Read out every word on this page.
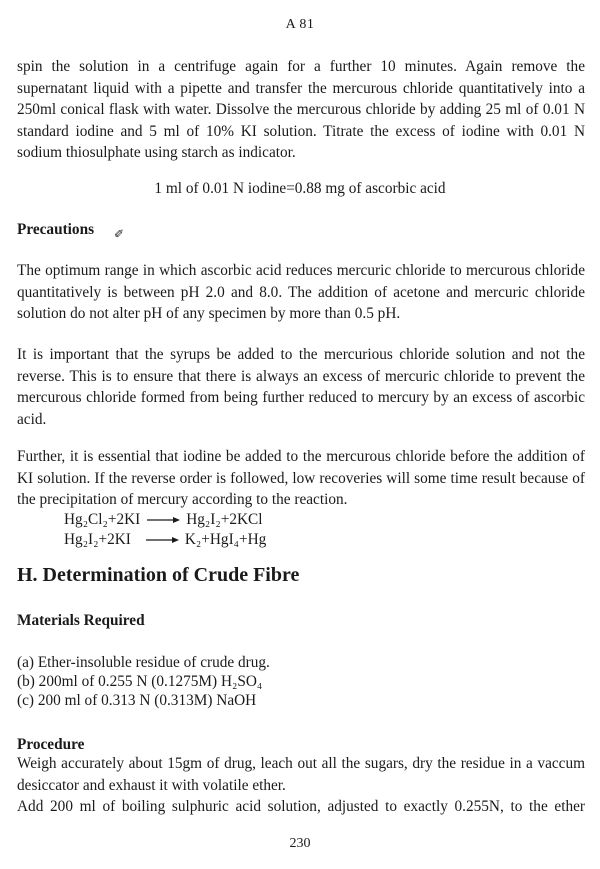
A 81

spin the solution in a centrifuge again for a further 10 minutes. Again remove the supernatant liquid with a pipette and transfer the mercurous chloride quantitatively into a 250ml conical flask with water. Dissolve the mercurous chloride by adding 25 ml of 0.01 N standard iodine and 5 ml of 10% KI solution. Titrate the excess of iodine with 0.01 N sodium thiosulphate using starch as indicator.

1 ml of 0.01 N iodine=0.88 mg of ascorbic acid
Precautions ✐

The optimum range in which ascorbic acid reduces mercuric chloride to mercurous chloride quantitatively is between pH 2.0 and 8.0. The addition of acetone and mercuric chloride solution do not alter pH of any specimen by more than 0.5 pH.

It is important that the syrups be added to the mercurious chloride solution and not the reverse. This is to ensure that there is always an excess of mercuric chloride to prevent the mercurous chloride formed from being further reduced to mercury by an excess of ascorbic acid.

Further, it is essential that iodine be added to the mercurous chloride before the addition of KI solution. If the reverse order is followed, low recoveries will some time result because of the precipitation of mercury according to the reaction.

Hg₂Cl₂+2KI	Hg₂I₂+2KCl
Hg₂I₂+2KI	K₂+HgI₄+Hg
H. Determination of Crude Fibre
Materials Required
(a) Ether-insoluble residue of crude drug.
(b) 200ml of 0.255 N (0.1275M) H₂SO₄
(c) 200 ml of 0.313 N (0.313M) NaOH
Procedure

Weigh accurately about 15gm of drug, leach out all the sugars, dry the residue in a vaccum desiccator and exhaust it with volatile ether.

Add 200 ml of boiling sulphuric acid solution, adjusted to exactly 0.255N, to the ether

230
